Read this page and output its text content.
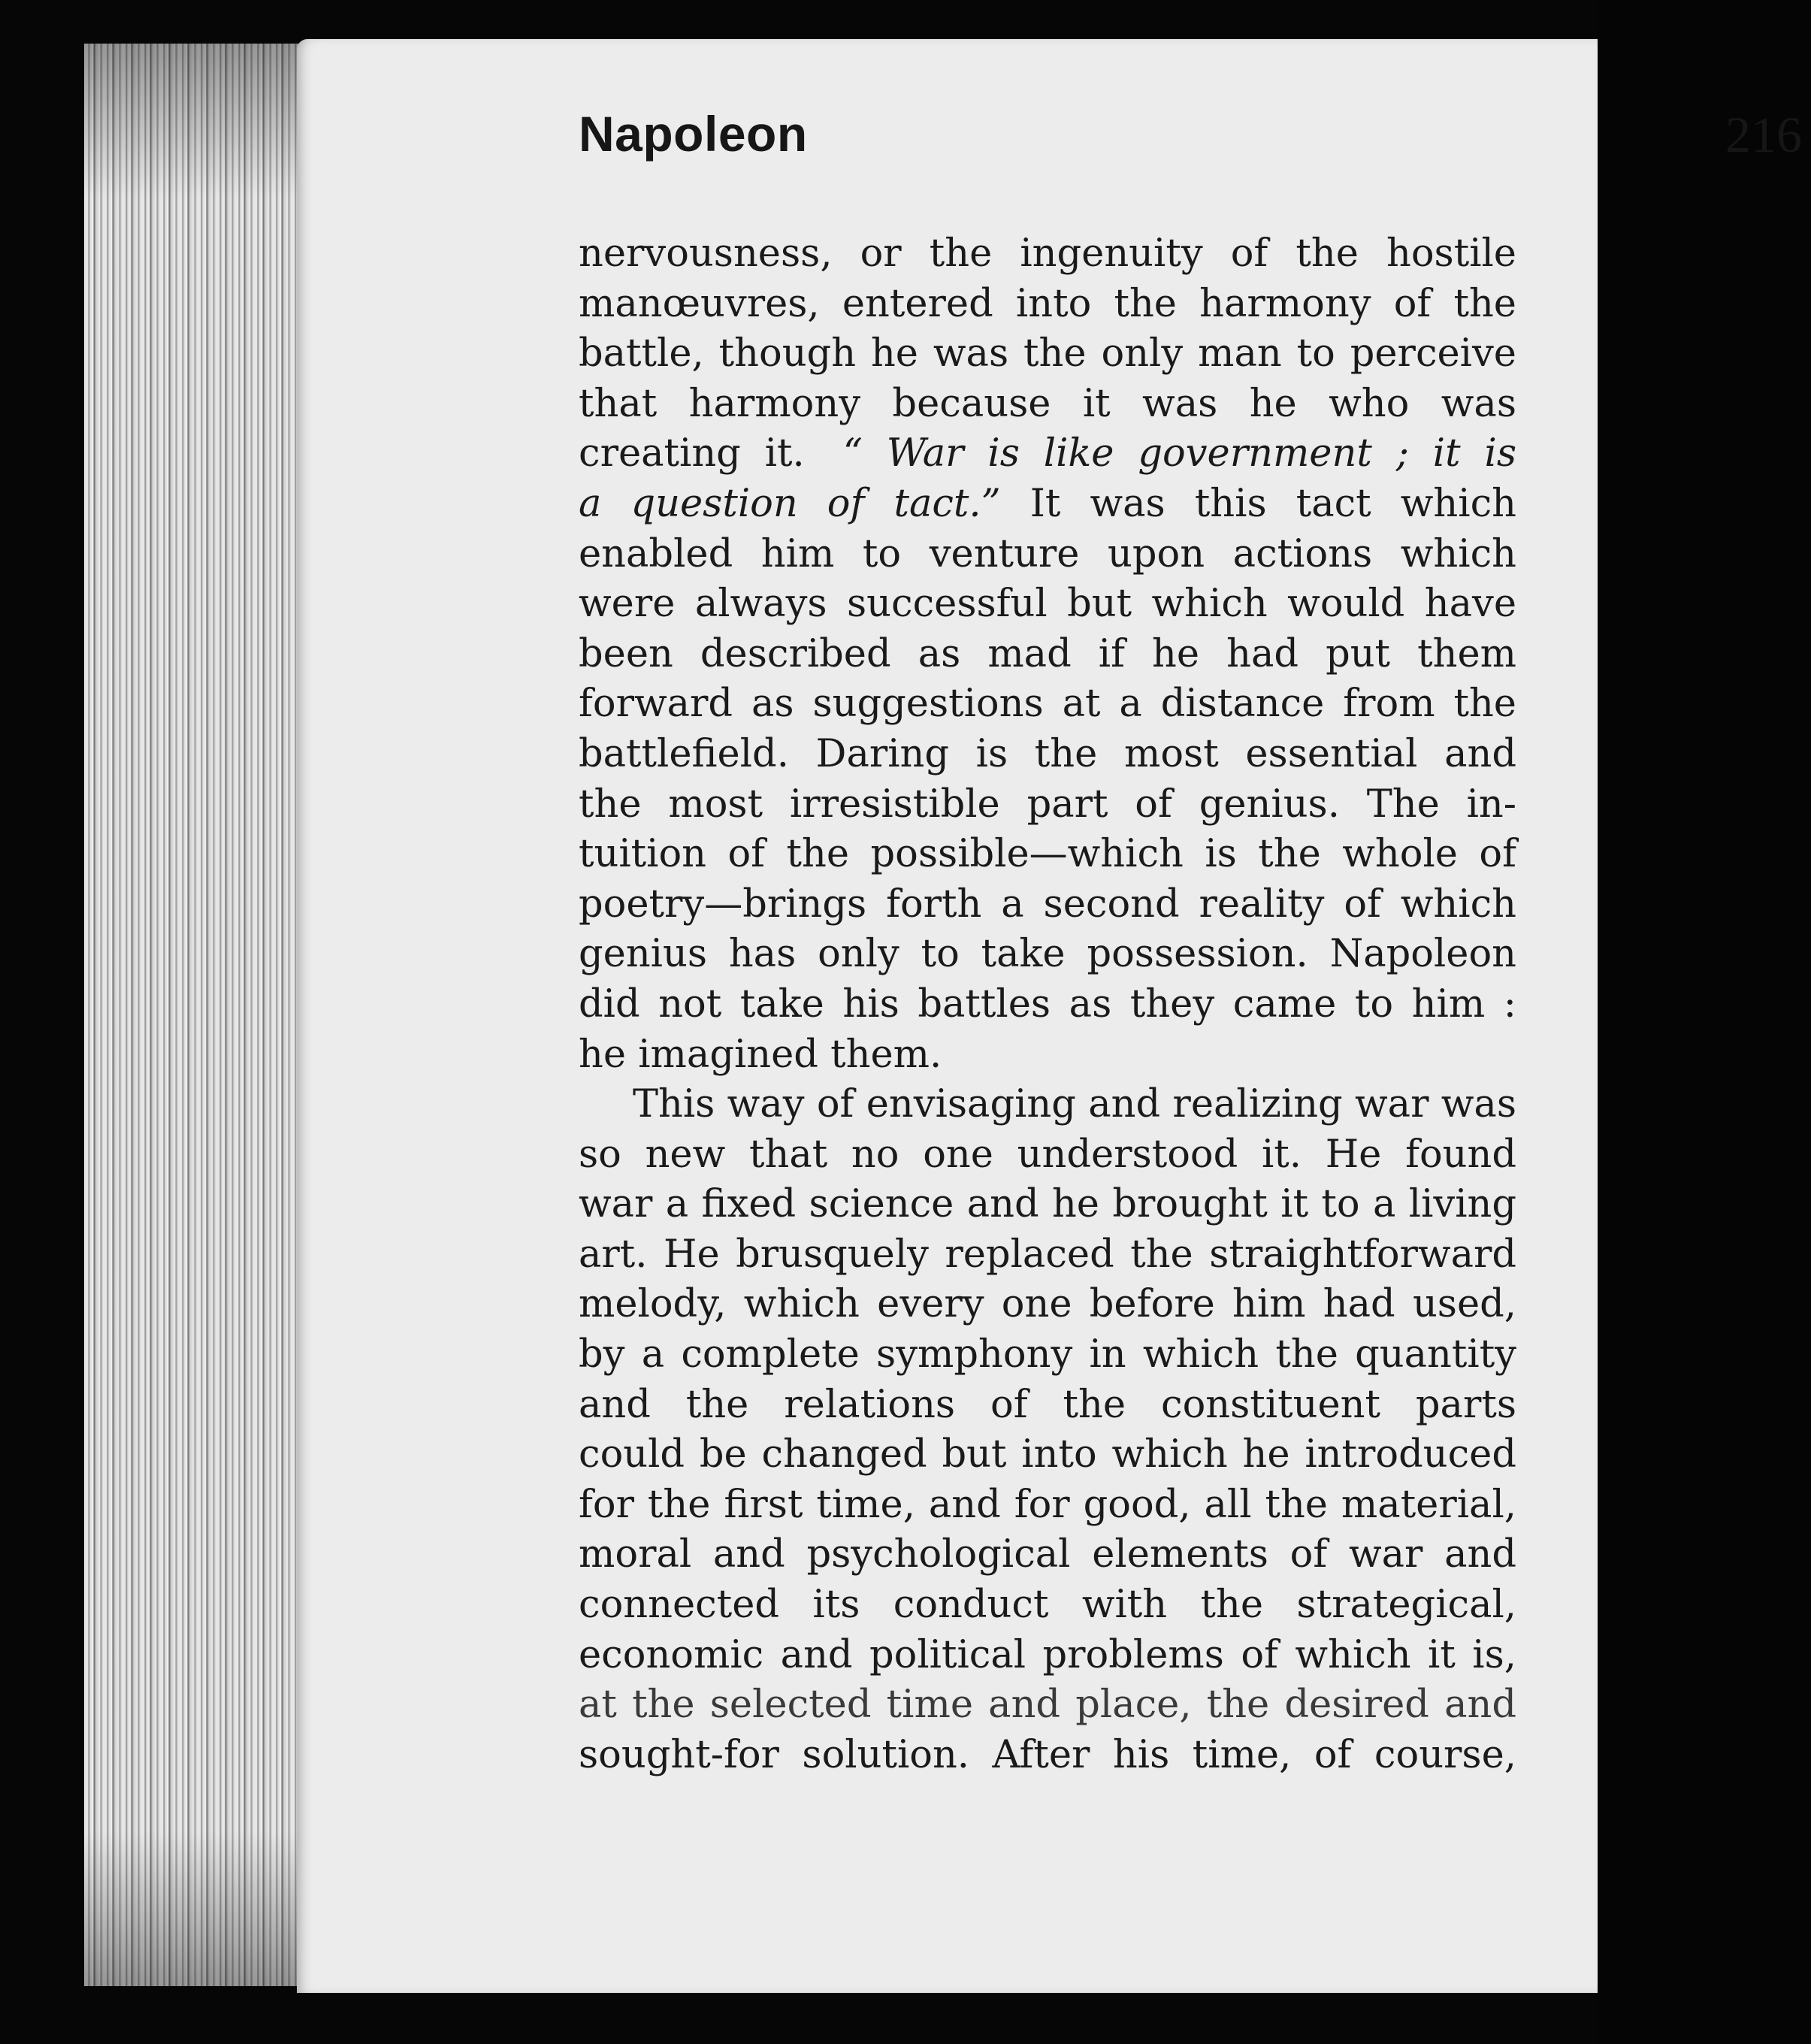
Napoleon	216

nervousness, or the ingenuity of the hostile
manœuvres, entered into the harmony of the
battle, though he was the only man to perceive
that harmony because it was he who was
creating it.  “ War is like government ; it is
a question of tact.” It was this tact which
enabled him to venture upon actions which
were always successful but which would have
been described as mad if he had put them
forward as suggestions at a distance from the
battlefield. Daring is the most essential and
the most irresistible part of genius. The in-
tuition of the possible—which is the whole of
poetry—brings forth a second reality of which
genius has only to take possession. Napoleon
did not take his battles as they came to him :
he imagined them.

This way of envisaging and realizing war was
so new that no one understood it. He found
war a fixed science and he brought it to a living
art. He brusquely replaced the straightforward
melody, which every one before him had used,
by a complete symphony in which the quantity
and the relations of the constituent parts
could be changed but into which he introduced
for the first time, and for good, all the material,
moral and psychological elements of war and
connected its conduct with the strategical,
economic and political problems of which it is,
at the selected time and place, the desired and
sought-for solution. After his time, of course,
